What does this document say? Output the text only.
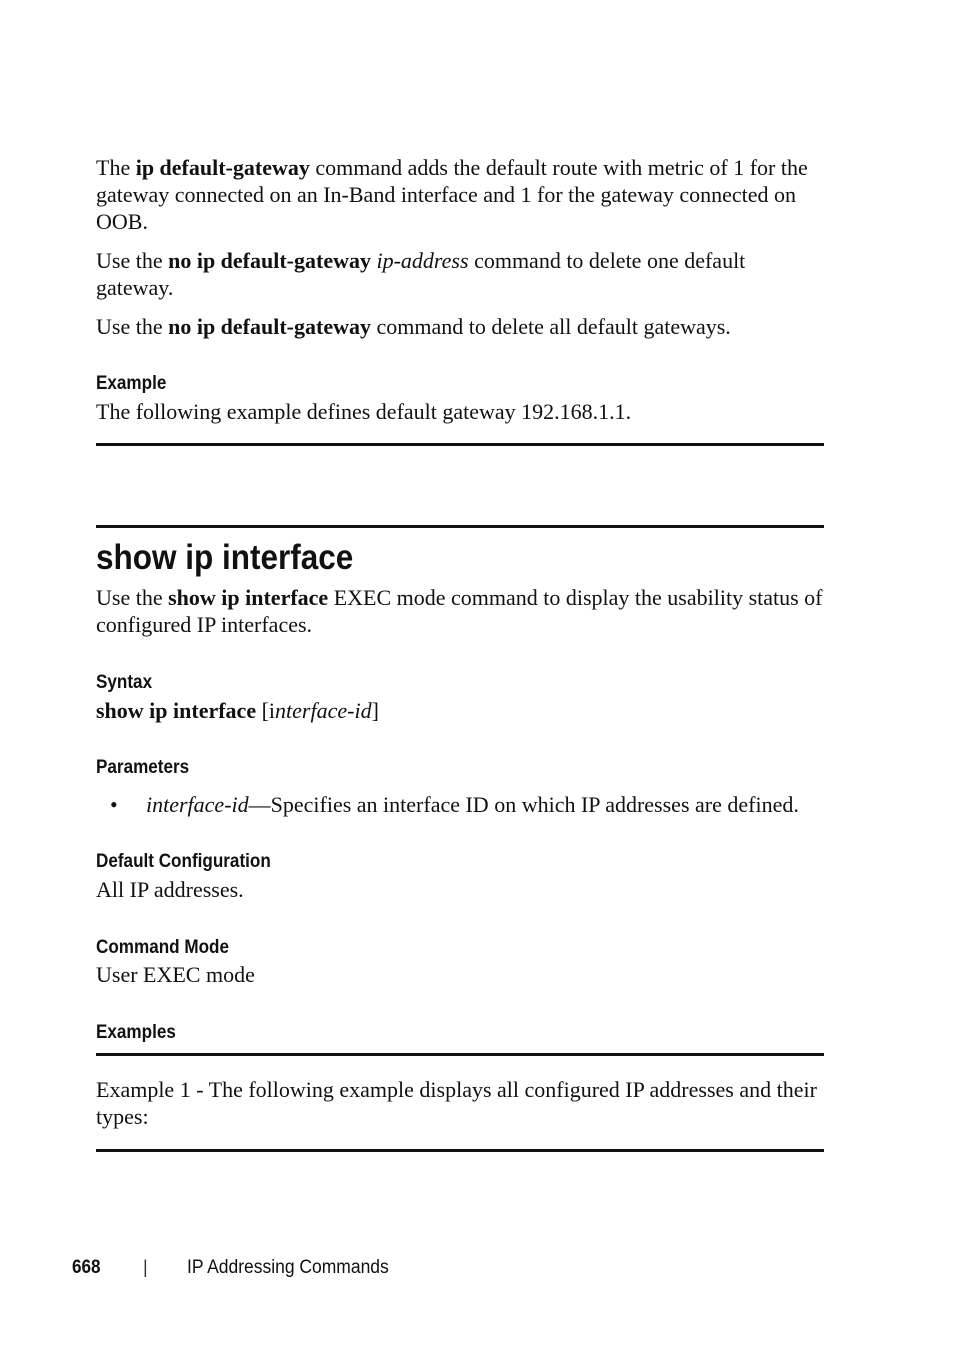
The ip default-gateway command adds the default route with metric of 1 for the gateway connected on an In-Band interface and 1 for the gateway connected on OOB.

Use the no ip default-gateway ip-address command to delete one default gateway.

Use the no ip default-gateway command to delete all default gateways.

Example

The following example defines default gateway 192.168.1.1.

show ip interface

Use the show ip interface EXEC mode command to display the usability status of configured IP interfaces.

Syntax

show ip interface [interface-id]

Parameters
• interface-id—Specifies an interface ID on which IP addresses are defined.

Default Configuration

All IP addresses.

Command Mode

User EXEC mode

Examples

Example 1 - The following example displays all configured IP addresses and their types:

668 | IP Addressing Commands
